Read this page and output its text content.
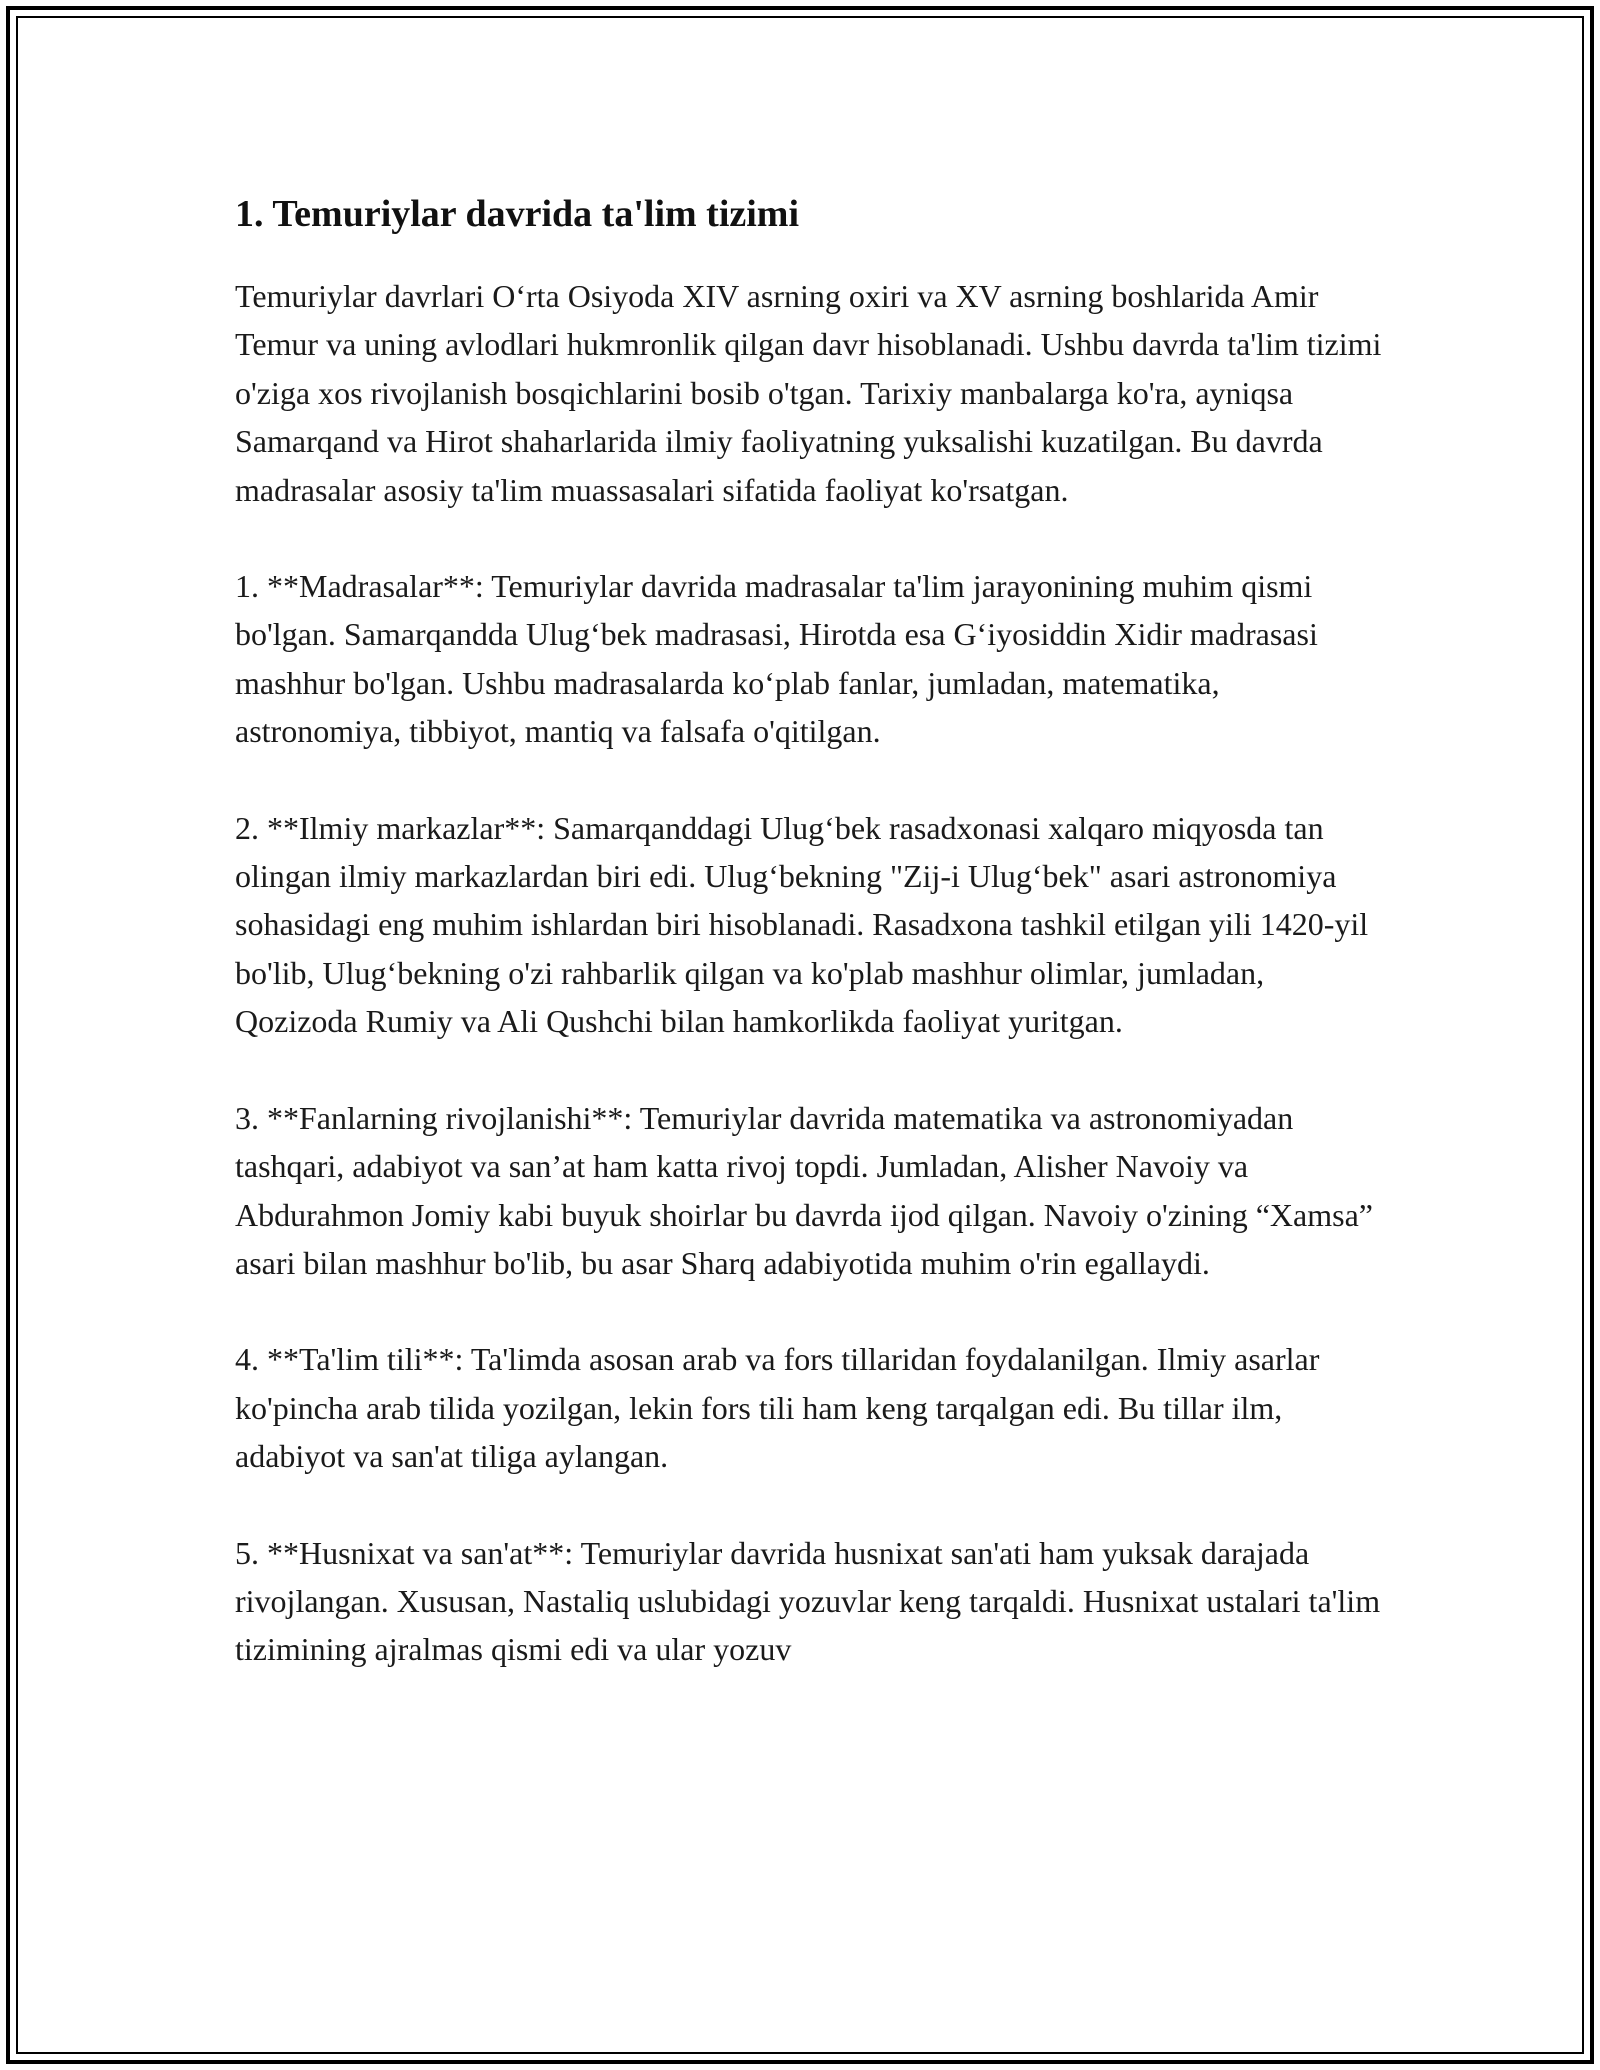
1. Temuriylar davrida ta'lim tizimi

Temuriylar davrlari O‘rta Osiyoda XIV asrning oxiri va XV asrning boshlarida Amir Temur va uning avlodlari hukmronlik qilgan davr hisoblanadi. Ushbu davrda ta'lim tizimi o'ziga xos rivojlanish bosqichlarini bosib o'tgan. Tarixiy manbalarga ko'ra, ayniqsa Samarqand va Hirot shaharlarida ilmiy faoliyatning yuksalishi kuzatilgan. Bu davrda madrasalar asosiy ta'lim muassasalari sifatida faoliyat ko'rsatgan.

1. **Madrasalar**: Temuriylar davrida madrasalar ta'lim jarayonining muhim qismi bo'lgan. Samarqandda Ulug‘bek madrasasi, Hirotda esa G‘iyosiddin Xidir madrasasi mashhur bo'lgan. Ushbu madrasalarda ko‘plab fanlar, jumladan, matematika, astronomiya, tibbiyot, mantiq va falsafa o'qitilgan.

2. **Ilmiy markazlar**: Samarqanddagi Ulug‘bek rasadxonasi xalqaro miqyosda tan olingan ilmiy markazlardan biri edi. Ulug‘bekning "Zij-i Ulug‘bek" asari astronomiya sohasidagi eng muhim ishlardan biri hisoblanadi. Rasadxona tashkil etilgan yili 1420-yil bo'lib, Ulug‘bekning o'zi rahbarlik qilgan va ko'plab mashhur olimlar, jumladan, Qozizoda Rumiy va Ali Qushchi bilan hamkorlikda faoliyat yuritgan.

3. **Fanlarning rivojlanishi**: Temuriylar davrida matematika va astronomiyadan tashqari, adabiyot va san’at ham katta rivoj topdi. Jumladan, Alisher Navoiy va Abdurahmon Jomiy kabi buyuk shoirlar bu davrda ijod qilgan. Navoiy o'zining “Xamsa” asari bilan mashhur bo'lib, bu asar Sharq adabiyotida muhim o'rin egallaydi.

4. **Ta'lim tili**: Ta'limda asosan arab va fors tillaridan foydalanilgan. Ilmiy asarlar ko'pincha arab tilida yozilgan, lekin fors tili ham keng tarqalgan edi. Bu tillar ilm, adabiyot va san'at tiliga aylangan.

5. **Husnixat va san'at**: Temuriylar davrida husnixat san'ati ham yuksak darajada rivojlangan. Xususan, Nastaliq uslubidagi yozuvlar keng tarqaldi. Husnixat ustalari ta'lim tizimining ajralmas qismi edi va ular yozuv
